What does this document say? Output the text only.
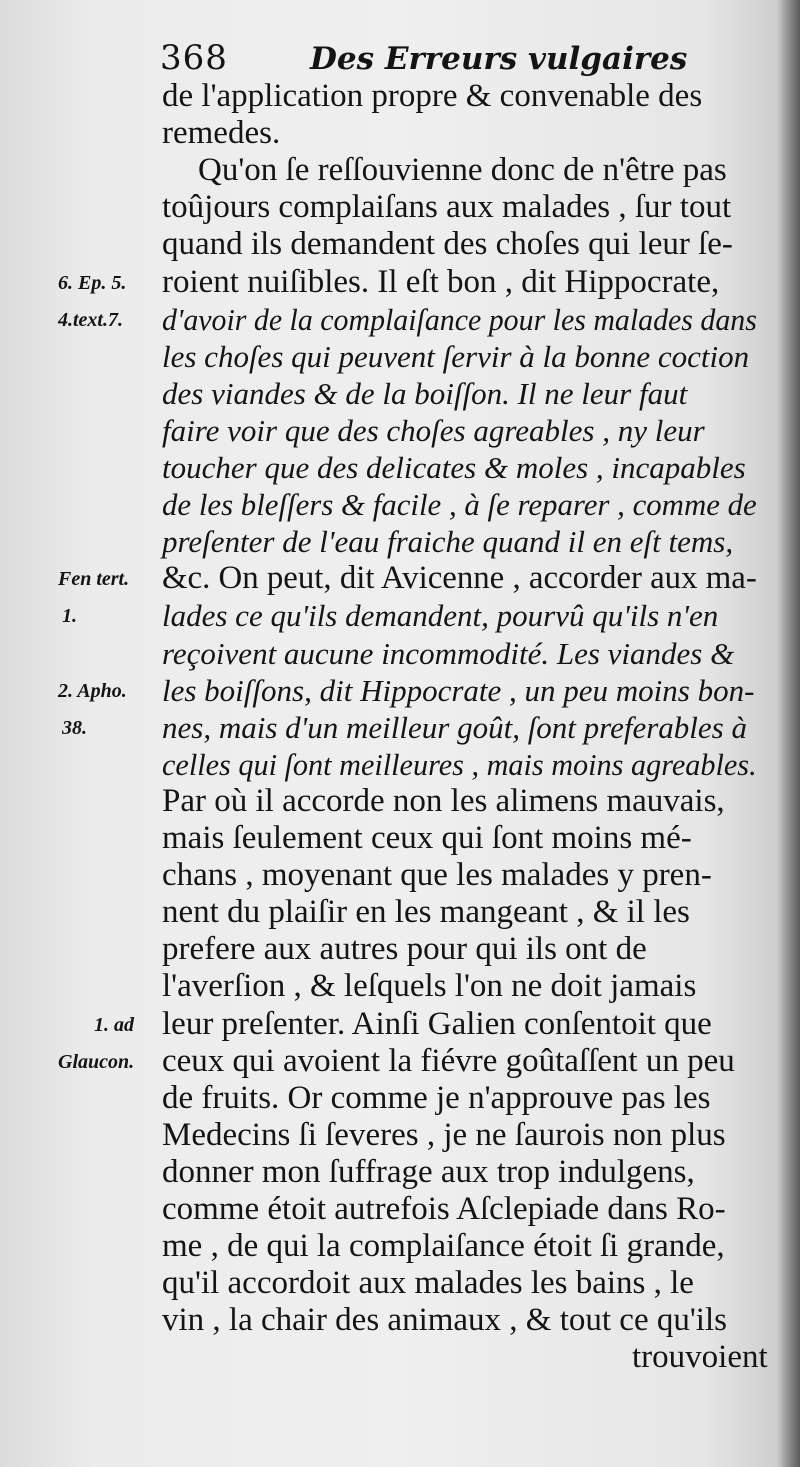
368	Des Erreurs vulgaires
de l'application propre & convenable des
remedes.
Qu'on ſe reſſouvienne donc de n'être pas
toûjours complaiſans aux malades , ſur tout
quand ils demandent des choſes qui leur ſe-
roient nuiſibles. Il eſt bon , dit Hippocrate,
d'avoir de la complaiſance pour les malades dans
les choſes qui peuvent ſervir à la bonne coction
des viandes & de la boiſſon. Il ne leur faut
faire voir que des choſes agreables , ny leur
toucher que des delicates & moles , incapables
de les bleſſers & facile , à ſe reparer , comme de
preſenter de l'eau fraiche quand il en eſt tems,
&c. On peut, dit Avicenne , accorder aux ma-
lades ce qu'ils demandent, pourvû qu'ils n'en
reçoivent aucune incommodité. Les viandes &
les boiſſons, dit Hippocrate , un peu moins bon-
nes, mais d'un meilleur goût, ſont preferables à
celles qui ſont meilleures , mais moins agreables.
Par où il accorde non les alimens mauvais,
mais ſeulement ceux qui ſont moins mé-
chans , moyenant que les malades y pren-
nent du plaiſir en les mangeant , & il les
prefere aux autres pour qui ils ont de
l'averſion , & leſquels l'on ne doit jamais
leur preſenter. Ainſi Galien conſentoit que
ceux qui avoient la fiévre goûtaſſent un peu
de fruits. Or comme je n'approuve pas les
Medecins ſi ſeveres , je ne ſaurois non plus
donner mon ſuffrage aux trop indulgens,
comme étoit autrefois Aſclepiade dans Ro-
me , de qui la complaiſance étoit ſi grande,
qu'il accordoit aux malades les bains , le
vin , la chair des animaux , & tout ce qu'ils
trouvoient
6. Ep. 5.
4.text.7.
Fen tert.
1.
2. Apho.
38.
1. ad
Glaucon.
